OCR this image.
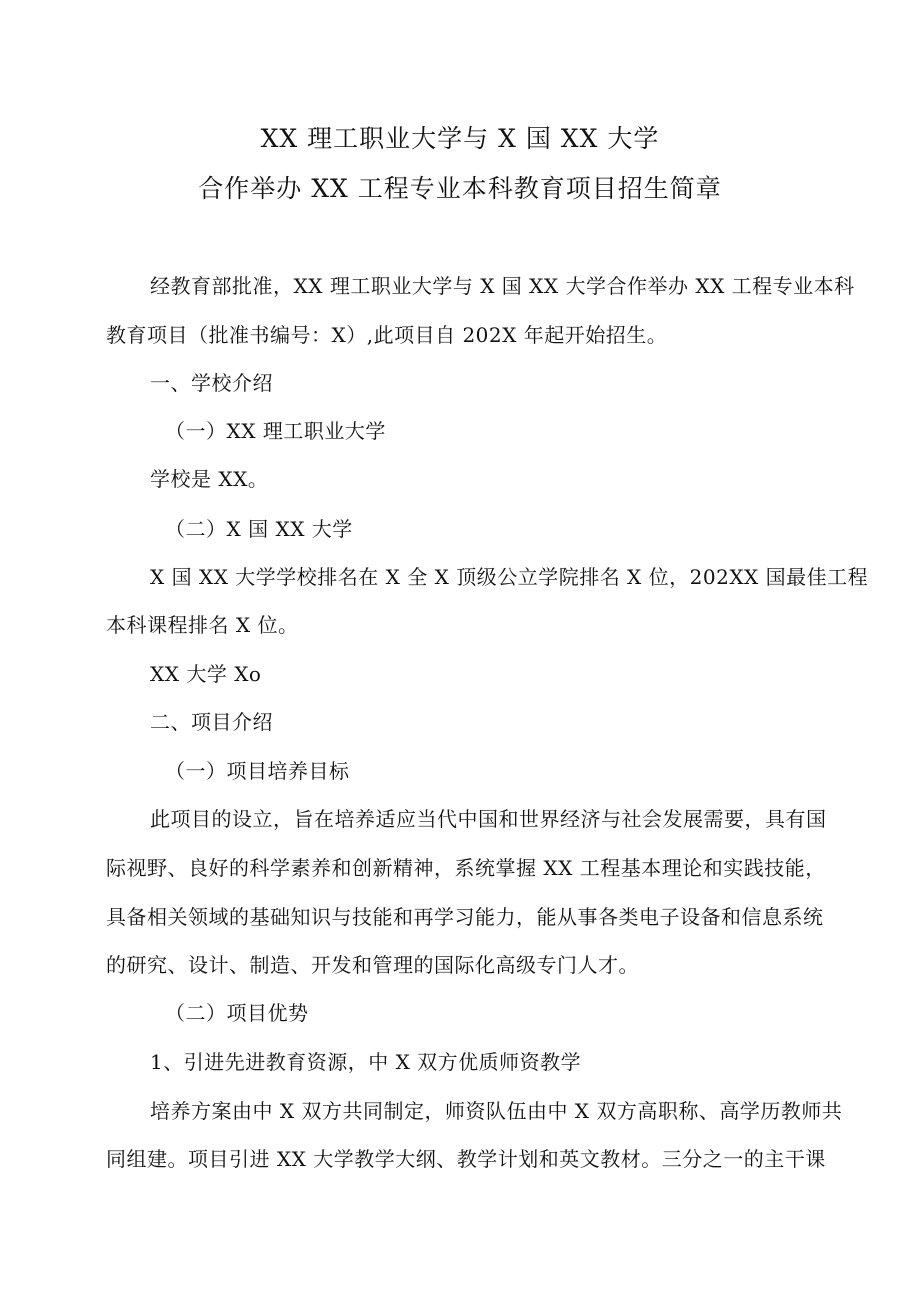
XX 理工职业大学与 X 国 XX 大学
合作举办 XX 工程专业本科教育项目招生简章
经教育部批准，XX 理工职业大学与 X 国 XX 大学合作举办 XX 工程专业本科
教育项目（批准书编号：X）,此项目自 202X 年起开始招生。
一、学校介绍
（一）XX 理工职业大学
学校是 XX。
（二）X 国 XX 大学
X 国 XX 大学学校排名在 X 全 X 顶级公立学院排名 X 位，202XX 国最佳工程
本科课程排名 X 位。
XX 大学 Xo
二、项目介绍
（一）项目培养目标
此项目的设立，旨在培养适应当代中国和世界经济与社会发展需要，具有国
际视野、良好的科学素养和创新精神，系统掌握 XX 工程基本理论和实践技能，
具备相关领域的基础知识与技能和再学习能力，能从事各类电子设备和信息系统
的研究、设计、制造、开发和管理的国际化高级专门人才。
（二）项目优势
1、引进先进教育资源，中 X 双方优质师资教学
培养方案由中 X 双方共同制定，师资队伍由中 X 双方高职称、高学历教师共
同组建。项目引进 XX 大学教学大纲、教学计划和英文教材。三分之一的主干课
